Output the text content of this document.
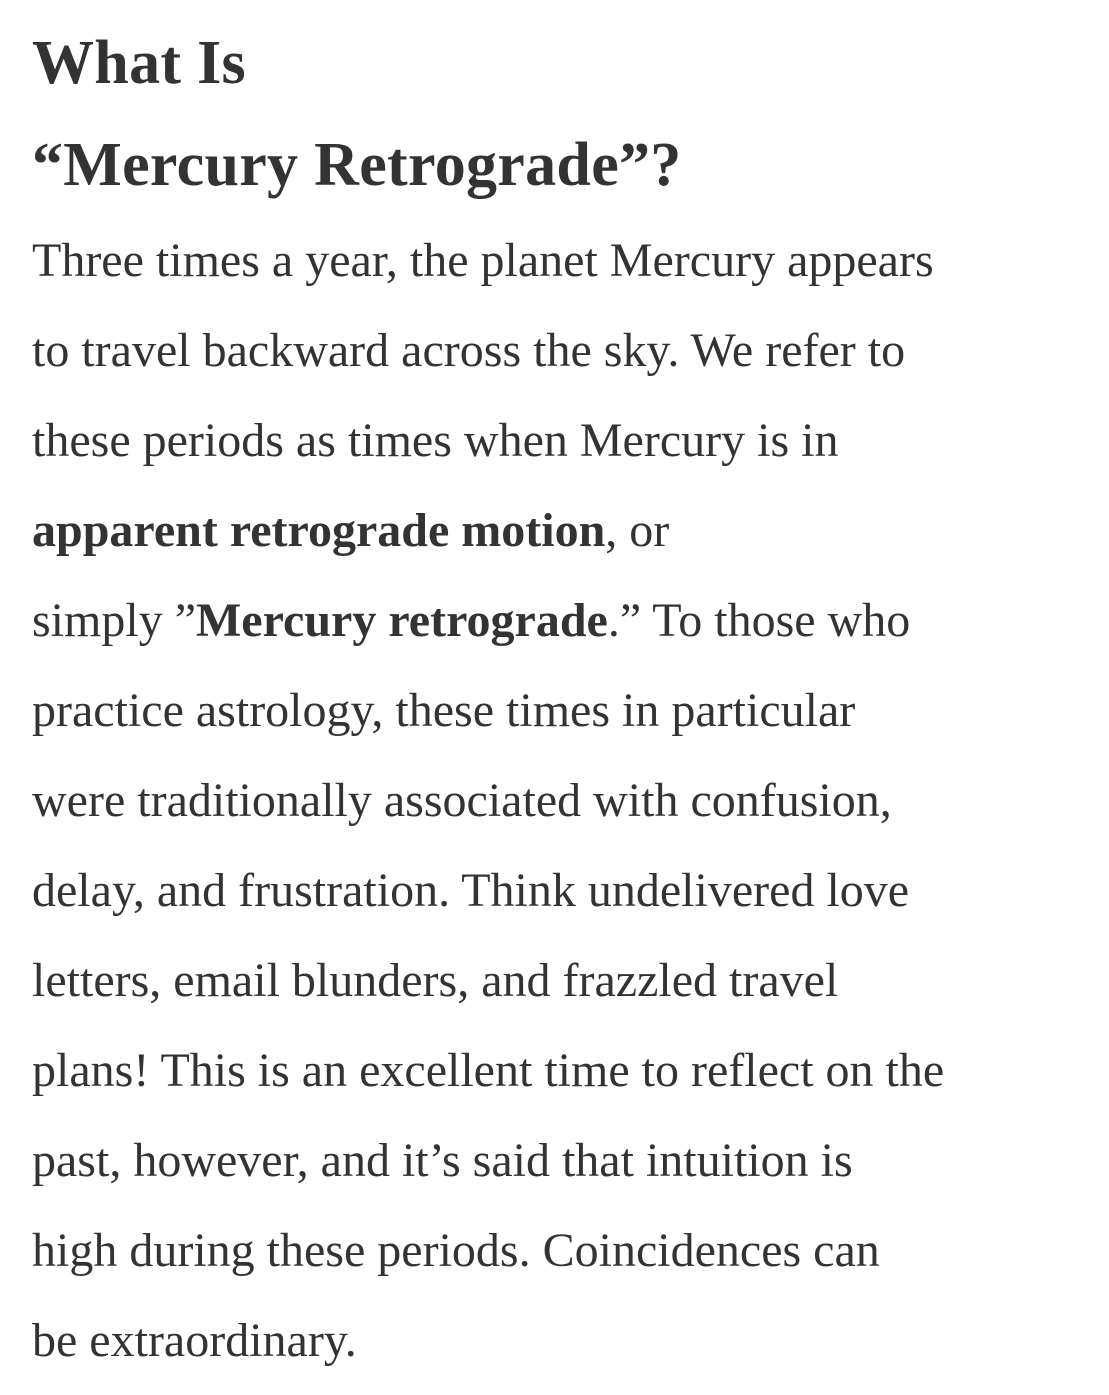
What Is
“Mercury Retrograde”?

Three times a year, the planet Mercury appears
to travel backward across the sky. We refer to
these periods as times when Mercury is in
apparent retrograde motion, or
simply ”Mercury retrograde.” To those who
practice astrology, these times in particular
were traditionally associated with confusion,
delay, and frustration. Think undelivered love
letters, email blunders, and frazzled travel
plans! This is an excellent time to reflect on the
past, however, and it’s said that intuition is
high during these periods. Coincidences can
be extraordinary.
